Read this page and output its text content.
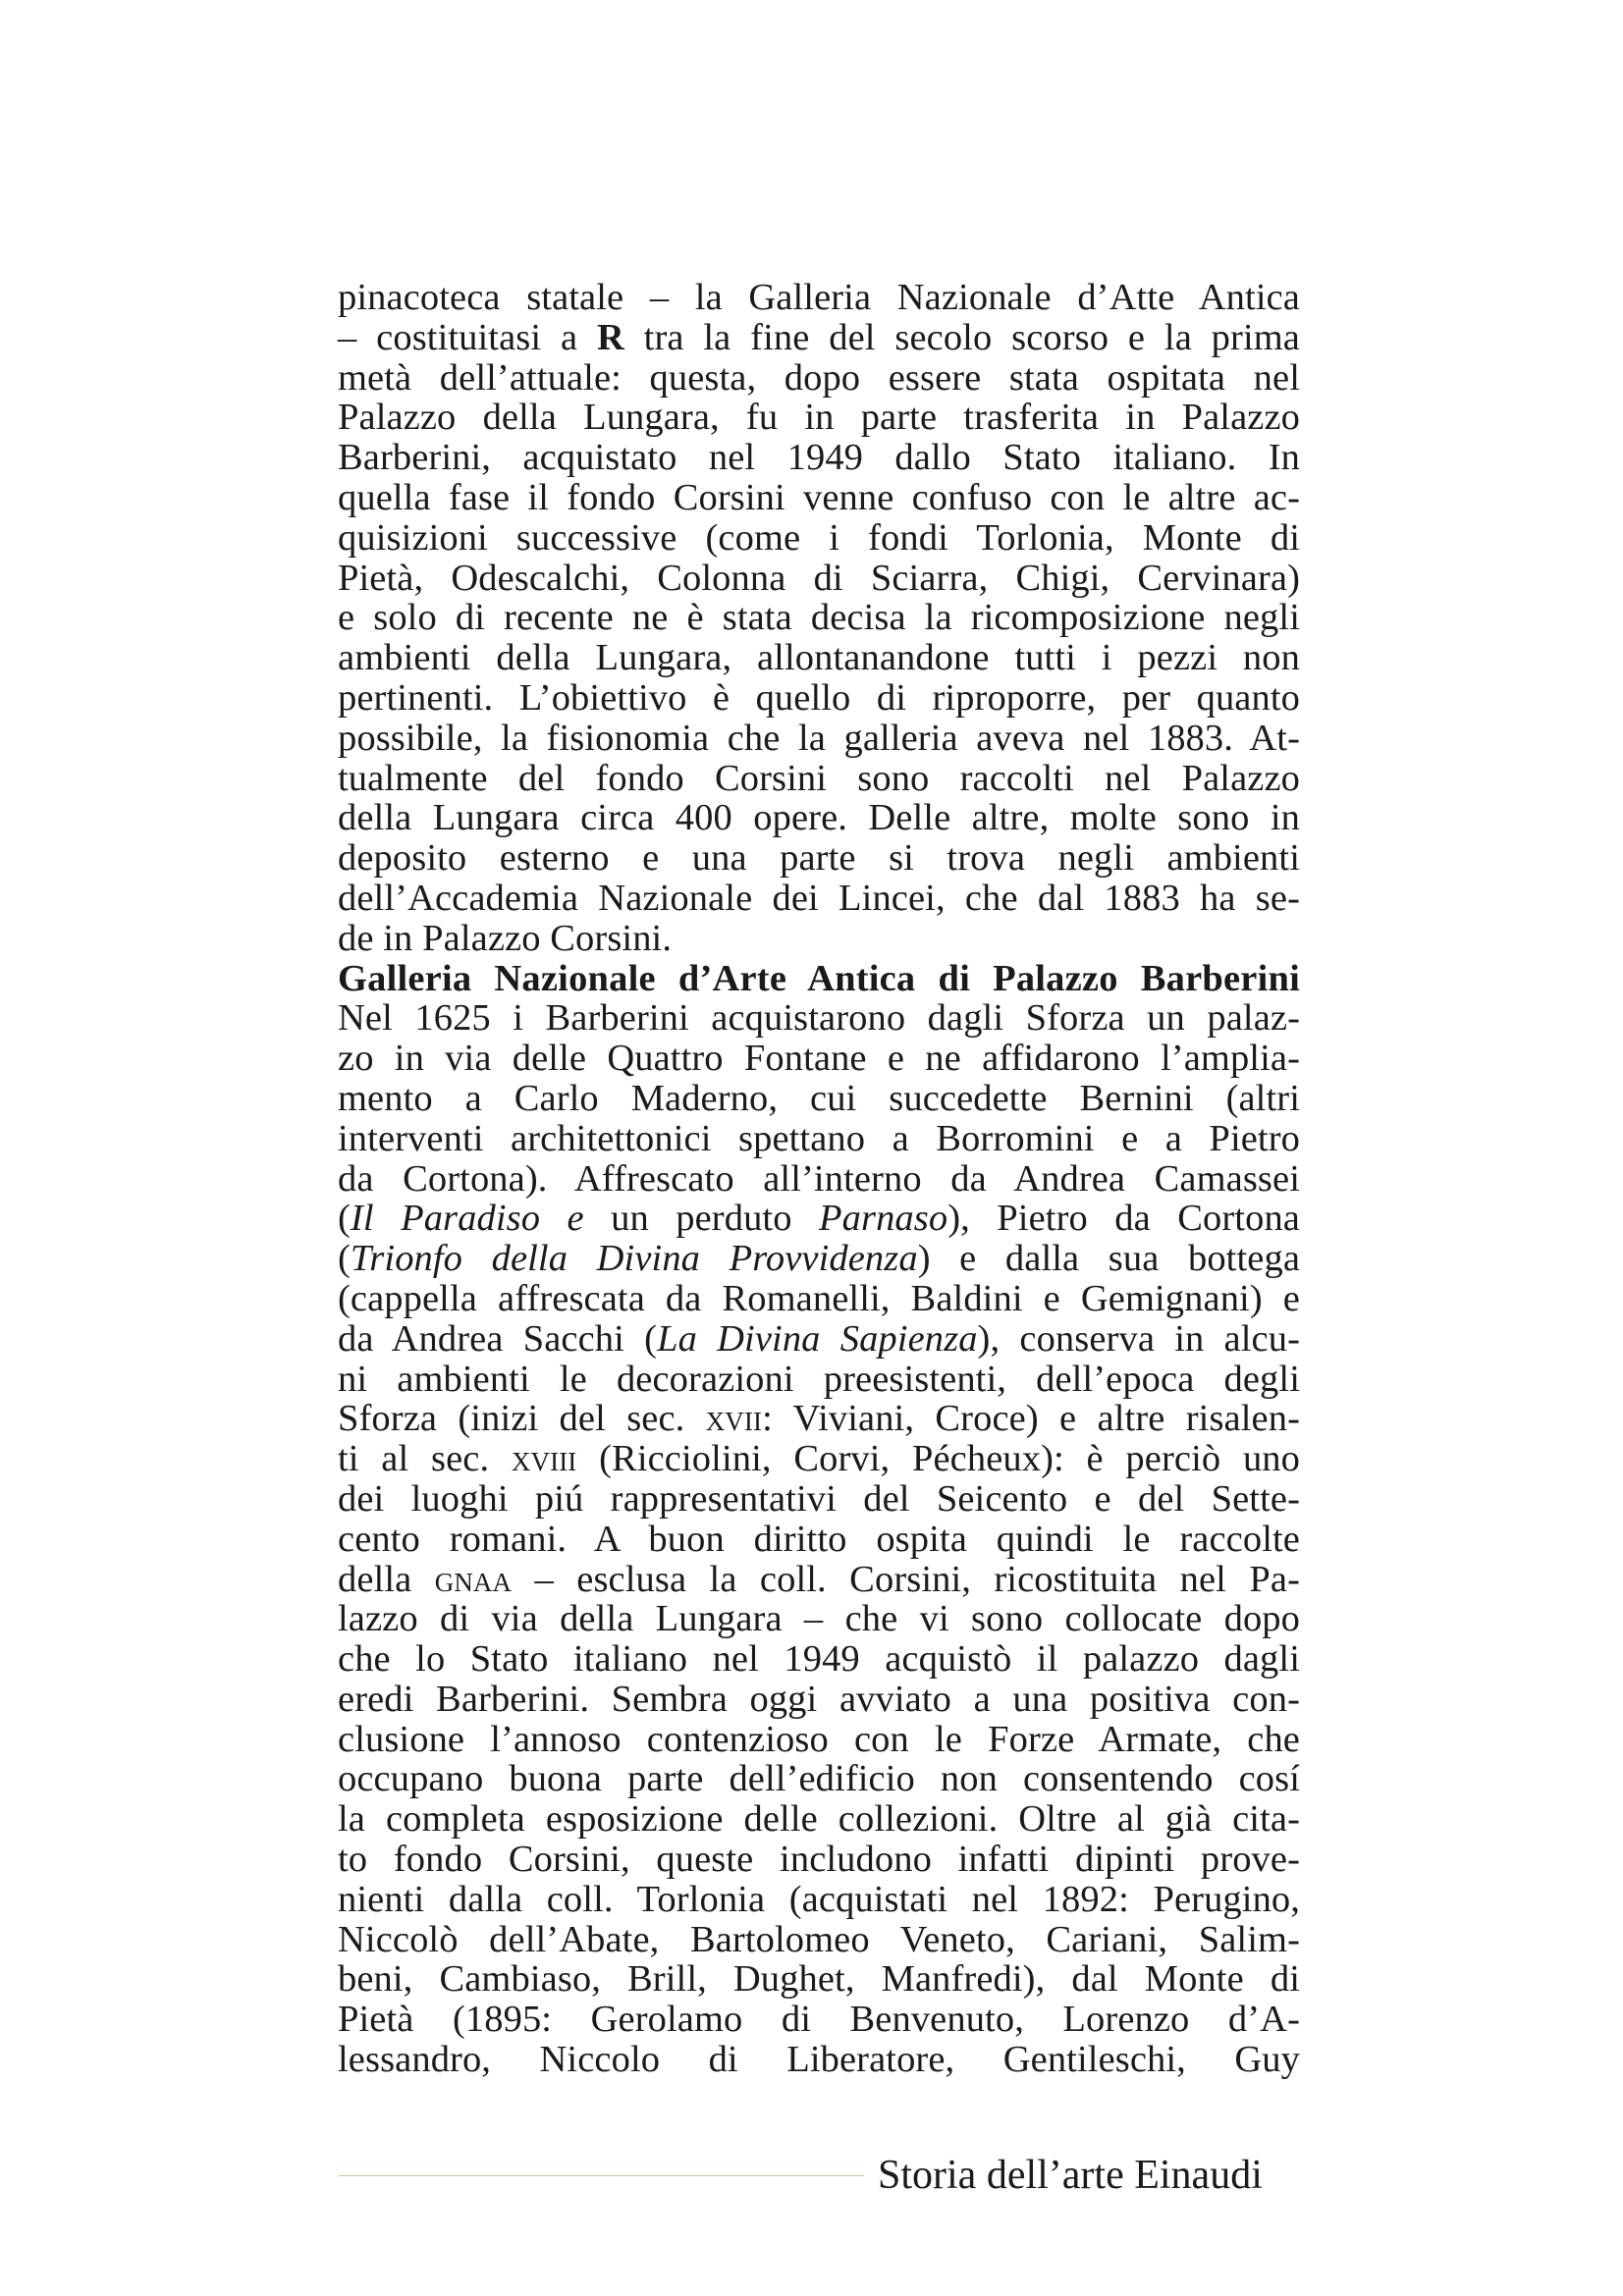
pinacoteca statale – la Galleria Nazionale d’Atte Antica
– costituitasi a R tra la fine del secolo scorso e la prima
metà dell’attuale: questa, dopo essere stata ospitata nel
Palazzo della Lungara, fu in parte trasferita in Palazzo
Barberini, acquistato nel 1949 dallo Stato italiano. In
quella fase il fondo Corsini venne confuso con le altre ac-
quisizioni successive (come i fondi Torlonia, Monte di
Pietà, Odescalchi, Colonna di Sciarra, Chigi, Cervinara)
e solo di recente ne è stata decisa la ricomposizione negli
ambienti della Lungara, allontanandone tutti i pezzi non
pertinenti. L’obiettivo è quello di riproporre, per quanto
possibile, la fisionomia che la galleria aveva nel 1883. At-
tualmente del fondo Corsini sono raccolti nel Palazzo
della Lungara circa 400 opere. Delle altre, molte sono in
deposito esterno e una parte si trova negli ambienti
dell’Accademia Nazionale dei Lincei, che dal 1883 ha se-
de in Palazzo Corsini.
Galleria Nazionale d’Arte Antica di Palazzo Barberini
Nel 1625 i Barberini acquistarono dagli Sforza un palaz-
zo in via delle Quattro Fontane e ne affidarono l’amplia-
mento a Carlo Maderno, cui succedette Bernini (altri
interventi architettonici spettano a Borromini e a Pietro
da Cortona). Affrescato all’interno da Andrea Camassei
(Il Paradiso e un perduto Parnaso), Pietro da Cortona
(Trionfo della Divina Provvidenza) e dalla sua bottega
(cappella affrescata da Romanelli, Baldini e Gemignani) e
da Andrea Sacchi (La Divina Sapienza), conserva in alcu-
ni ambienti le decorazioni preesistenti, dell’epoca degli
Sforza (inizi del sec. xvii: Viviani, Croce) e altre risalen-
ti al sec. xviii (Ricciolini, Corvi, Pécheux): è perciò uno
dei luoghi piú rappresentativi del Seicento e del Sette-
cento romani. A buon diritto ospita quindi le raccolte
della gnaa – esclusa la coll. Corsini, ricostituita nel Pa-
lazzo di via della Lungara – che vi sono collocate dopo
che lo Stato italiano nel 1949 acquistò il palazzo dagli
eredi Barberini. Sembra oggi avviato a una positiva con-
clusione l’annoso contenzioso con le Forze Armate, che
occupano buona parte dell’edificio non consentendo cosí
la completa esposizione delle collezioni. Oltre al già cita-
to fondo Corsini, queste includono infatti dipinti prove-
nienti dalla coll. Torlonia (acquistati nel 1892: Perugino,
Niccolò dell’Abate, Bartolomeo Veneto, Cariani, Salim-
beni, Cambiaso, Brill, Dughet, Manfredi), dal Monte di
Pietà (1895: Gerolamo di Benvenuto, Lorenzo d’A-
lessandro, Niccolo di Liberatore, Gentileschi, Guy
Storia dell’arte Einaudi
